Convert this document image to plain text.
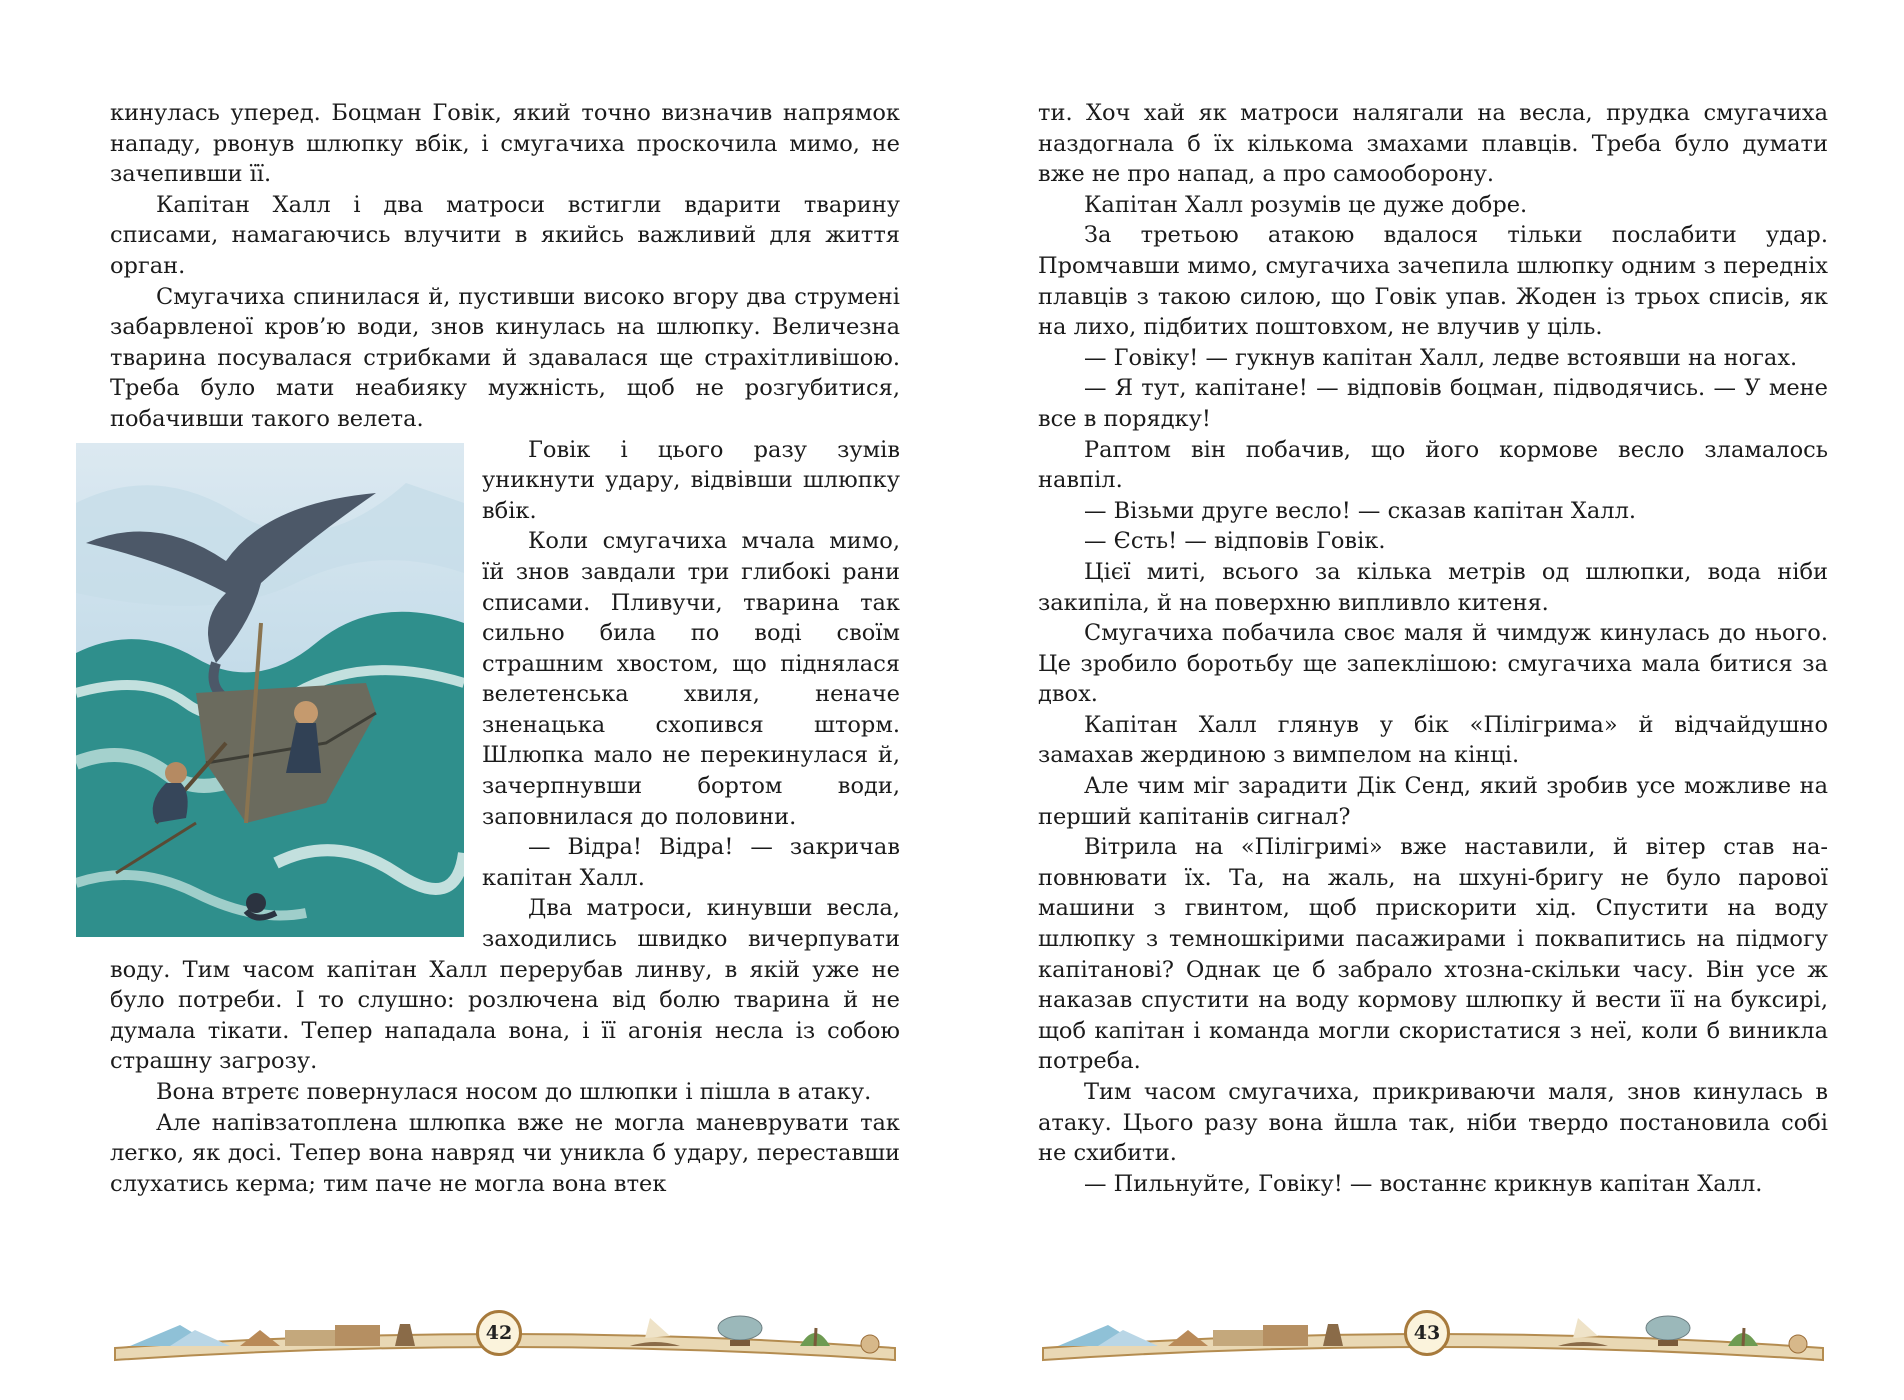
кинулась уперед. Боцман Говік, який точно визначив напрямок нападу, рвонув шлюпку вбік, і смугачиха проскочила мимо, не зачепивши її.

Капітан Халл і два матроси встигли вдарити тварину списами, намагаючись влучити в якийсь важливий для життя орган.

Смугачиха спинилася й, пустивши високо вгору два струмені забарвленої кров’ю води, знов кинулась на шлюпку. Величезна тварина посувалася стрибками й здавалася ще страхітливішою. Треба було мати неабияку мужність, щоб не розгубитися, побачивши такого велета.

Говік і цього разу зумів уникнути удару, відвівши шлюпку вбік.

Коли смугачиха мчала мимо, їй знов завдали три глибокі рани списами. Пливучи, тварина так сильно била по воді своїм страшним хвостом, що піднялася велетенська хвиля, неначе зненацька схопився шторм. Шлюпка мало не перекинулася й, зачерпнувши бортом води, заповнилася до половини.

— Відра! Відра! — закричав капітан Халл.

Два матроси, кинувши весла, заходились швидко вичерпувати воду. Тим часом капітан Халл перерубав линву, в якій уже не було потреби. І то слушно: розлючена від болю тварина й не думала тікати. Тепер нападала вона, і її агонія несла із собою страшну загрозу.

Вона втретє повернулася носом до шлюпки і пішла в атаку.

Але напівзатоплена шлюпка вже не могла маневрувати так легко, як досі. Тепер вона навряд чи уникла б удару, переставши слухатись керма; тим паче не могла вона втек

ти. Хоч хай як матроси налягали на весла, прудка смугачиха наздогнала б їх кількома змахами плавців. Треба було думати вже не про напад, а про самооборону.

Капітан Халл розумів це дуже добре.

За третьою атакою вдалося тільки послабити удар. Промчавши мимо, смугачиха зачепила шлюпку одним з передніх плавців з такою силою, що Говік упав. Жоден із трьох списів, як на лихо, підбитих поштовхом, не влучив у ціль.

— Говіку! — гукнув капітан Халл, ледве встоявши на ногах.

— Я тут, капітане! — відповів боцман, підводячись. — У мене все в порядку!

Раптом він побачив, що його кормове весло зламалось навпіл.

— Візьми друге весло! — сказав капітан Халл.

— Єсть! — відповів Говік.

Цієї миті, всього за кілька метрів од шлюпки, вода ніби закипіла, й на поверхню випливло китеня.

Смугачиха побачила своє маля й чимдуж кинулась до нього. Це зробило боротьбу ще запеклішою: смугачиха мала битися за двох.

Капітан Халл глянув у бік «Пілігрима» й відчайдушно замахав жердиною з вимпелом на кінці.

Але чим міг зарадити Дік Сенд, який зробив усе можливе на перший капітанів сигнал?

Вітрила на «Пілігримі» вже наставили, й вітер став наповнювати їх. Та, на жаль, на шхуні-бригу не було парової машини з гвинтом, щоб прискорити хід. Спустити на воду шлюпку з темношкірими пасажирами і поквапитись на підмогу капітанові? Однак це б забрало хтозна-скільки часу. Він усе ж наказав спустити на воду кормову шлюпку й вести її на буксирі, щоб капітан і команда могли скористатися з неї, коли б виникла потреба.

Тим часом смугачиха, прикриваючи маля, знов кинулась в атаку. Цього разу вона йшла так, ніби твердо постановила собі не схибити.

— Пильнуйте, Говіку! — востаннє крикнув капітан Халл.

42	43
